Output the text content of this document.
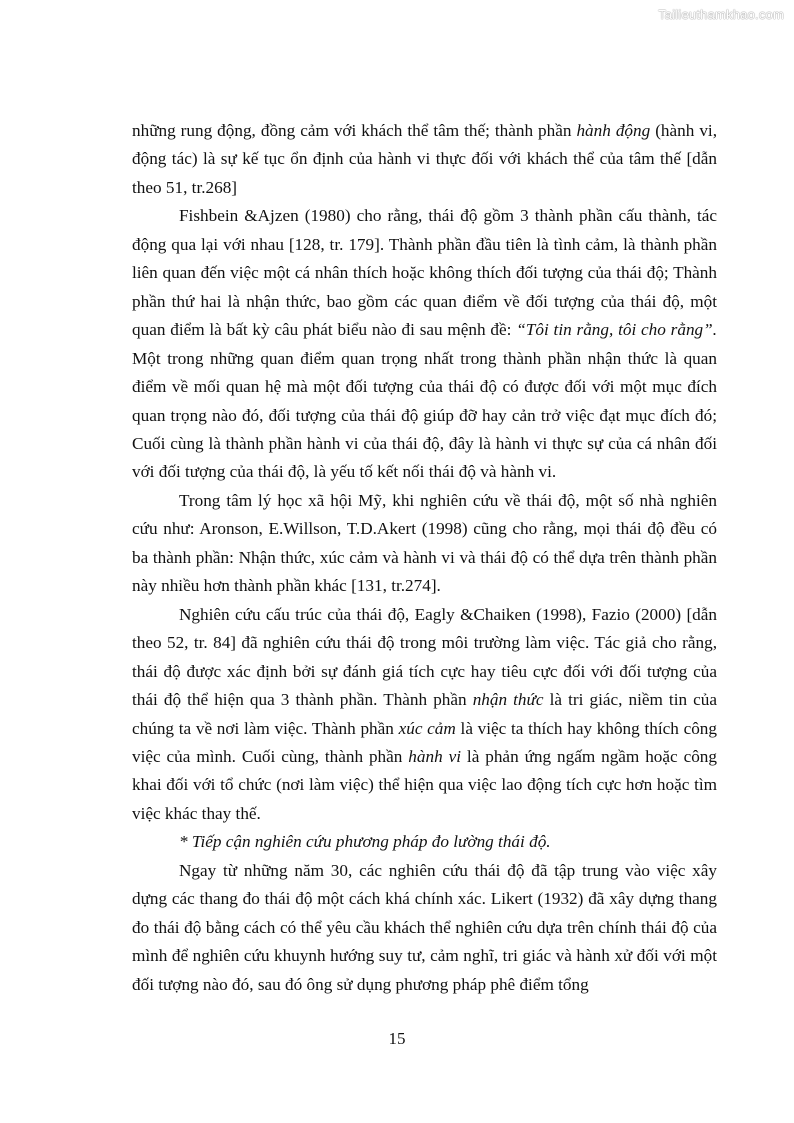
Tailieuthamkhao.com

những rung động, đồng cảm với khách thể tâm thế; thành phần hành động (hành vi, động tác) là sự kế tục ổn định của hành vi thực đối với khách thể của tâm thế [dẫn theo 51, tr.268]

Fishbein &Ajzen (1980) cho rằng, thái độ gồm 3 thành phần cấu thành, tác động qua lại với nhau [128, tr. 179]. Thành phần đầu tiên là tình cảm, là thành phần liên quan đến việc một cá nhân thích hoặc không thích đối tượng của thái độ; Thành phần thứ hai là nhận thức, bao gồm các quan điểm về đối tượng của thái độ, một quan điểm là bất kỳ câu phát biểu nào đi sau mệnh đề: “Tôi tin rằng, tôi cho rằng”. Một trong những quan điểm quan trọng nhất trong thành phần nhận thức là quan điểm về mối quan hệ mà một đối tượng của thái độ có được đối với một mục đích quan trọng nào đó, đối tượng của thái độ giúp đỡ hay cản trở việc đạt mục đích đó; Cuối cùng là thành phần hành vi của thái độ, đây là hành vi thực sự của cá nhân đối với đối tượng của thái độ, là yếu tố kết nối thái độ và hành vi.

Trong tâm lý học xã hội Mỹ, khi nghiên cứu về thái độ, một số nhà nghiên cứu như: Aronson, E.Willson, T.D.Akert (1998) cũng cho rằng, mọi thái độ đều có ba thành phần: Nhận thức, xúc cảm và hành vi và thái độ có thể dựa trên thành phần này nhiều hơn thành phần khác [131, tr.274].

Nghiên cứu cấu trúc của thái độ, Eagly &Chaiken (1998), Fazio (2000) [dẫn theo 52, tr. 84] đã nghiên cứu thái độ trong môi trường làm việc. Tác giả cho rằng, thái độ được xác định bởi sự đánh giá tích cực hay tiêu cực đối với đối tượng của thái độ thể hiện qua 3 thành phần. Thành phần nhận thức là tri giác, niềm tin của chúng ta về nơi làm việc. Thành phần xúc cảm là việc ta thích hay không thích công việc của mình. Cuối cùng, thành phần hành vi là phản ứng ngấm ngầm hoặc công khai đối với tổ chức (nơi làm việc) thể hiện qua việc lao động tích cực hơn hoặc tìm việc khác thay thế.

* Tiếp cận nghiên cứu phương pháp đo lường thái độ.

Ngay từ những năm 30, các nghiên cứu thái độ đã tập trung vào việc xây dựng các thang đo thái độ một cách khá chính xác. Likert (1932) đã xây dựng thang đo thái độ bằng cách có thể yêu cầu khách thể nghiên cứu dựa trên chính thái độ của mình để nghiên cứu khuynh hướng suy tư, cảm nghĩ, tri giác và hành xử đối với một đối tượng nào đó, sau đó ông sử dụng phương pháp phê điểm tổng

15
